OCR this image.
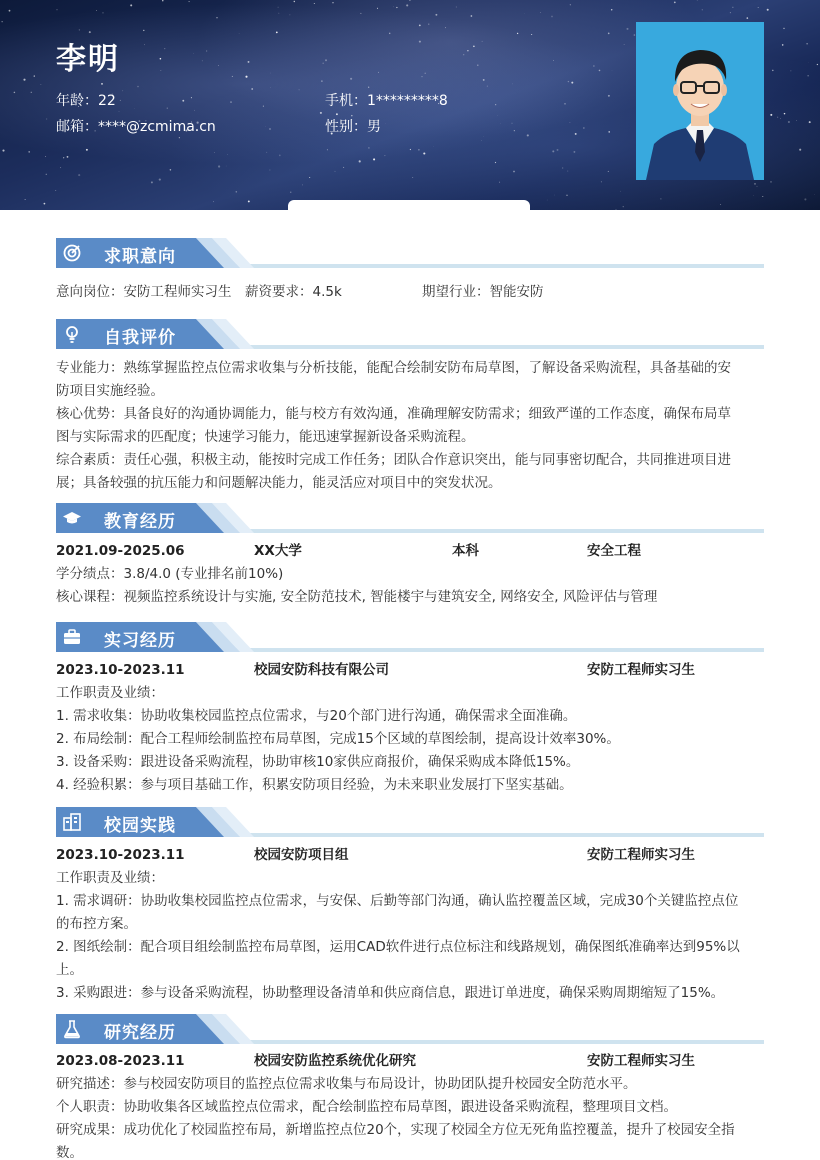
李明
年龄：22	手机：1*********8
邮箱：****@zcmima.cn	性别：男
求职意向
意向岗位：安防工程师实习生 薪资要求：4.5k	期望行业：智能安防
自我评价
专业能力：熟练掌握监控点位需求收集与分析技能，能配合绘制安防布局草图，了解设备采购流程，具备基础的安
防项目实施经验。
核心优势：具备良好的沟通协调能力，能与校方有效沟通，准确理解安防需求；细致严谨的工作态度，确保布局草
图与实际需求的匹配度；快速学习能力，能迅速掌握新设备采购流程。
综合素质：责任心强，积极主动，能按时完成工作任务；团队合作意识突出，能与同事密切配合，共同推进项目进
展；具备较强的抗压能力和问题解决能力，能灵活应对项目中的突发状况。
教育经历
2021.09-2025.06	XX大学	本科	安全工程
学分绩点：3.8/4.0 (专业排名前10%)
核心课程：视频监控系统设计与实施, 安全防范技术, 智能楼宇与建筑安全, 网络安全, 风险评估与管理
实习经历
2023.10-2023.11	校园安防科技有限公司	安防工程师实习生
工作职责及业绩：
1. 需求收集：协助收集校园监控点位需求，与20个部门进行沟通，确保需求全面准确。
2. 布局绘制：配合工程师绘制监控布局草图，完成15个区域的草图绘制，提高设计效率30%。
3. 设备采购：跟进设备采购流程，协助审核10家供应商报价，确保采购成本降低15%。
4. 经验积累：参与项目基础工作，积累安防项目经验，为未来职业发展打下坚实基础。
校园实践
2023.10-2023.11	校园安防项目组	安防工程师实习生
工作职责及业绩：
1. 需求调研：协助收集校园监控点位需求，与安保、后勤等部门沟通，确认监控覆盖区域，完成30个关键监控点位
的布控方案。
2. 图纸绘制：配合项目组绘制监控布局草图，运用CAD软件进行点位标注和线路规划，确保图纸准确率达到95%以
上。
3. 采购跟进：参与设备采购流程，协助整理设备清单和供应商信息，跟进订单进度，确保采购周期缩短了15%。
研究经历
2023.08-2023.11	校园安防监控系统优化研究	安防工程师实习生
研究描述：参与校园安防项目的监控点位需求收集与布局设计，协助团队提升校园安全防范水平。
个人职责：协助收集各区域监控点位需求，配合绘制监控布局草图，跟进设备采购流程，整理项目文档。
研究成果：成功优化了校园监控布局，新增监控点位20个，实现了校园全方位无死角监控覆盖，提升了校园安全指
数。
